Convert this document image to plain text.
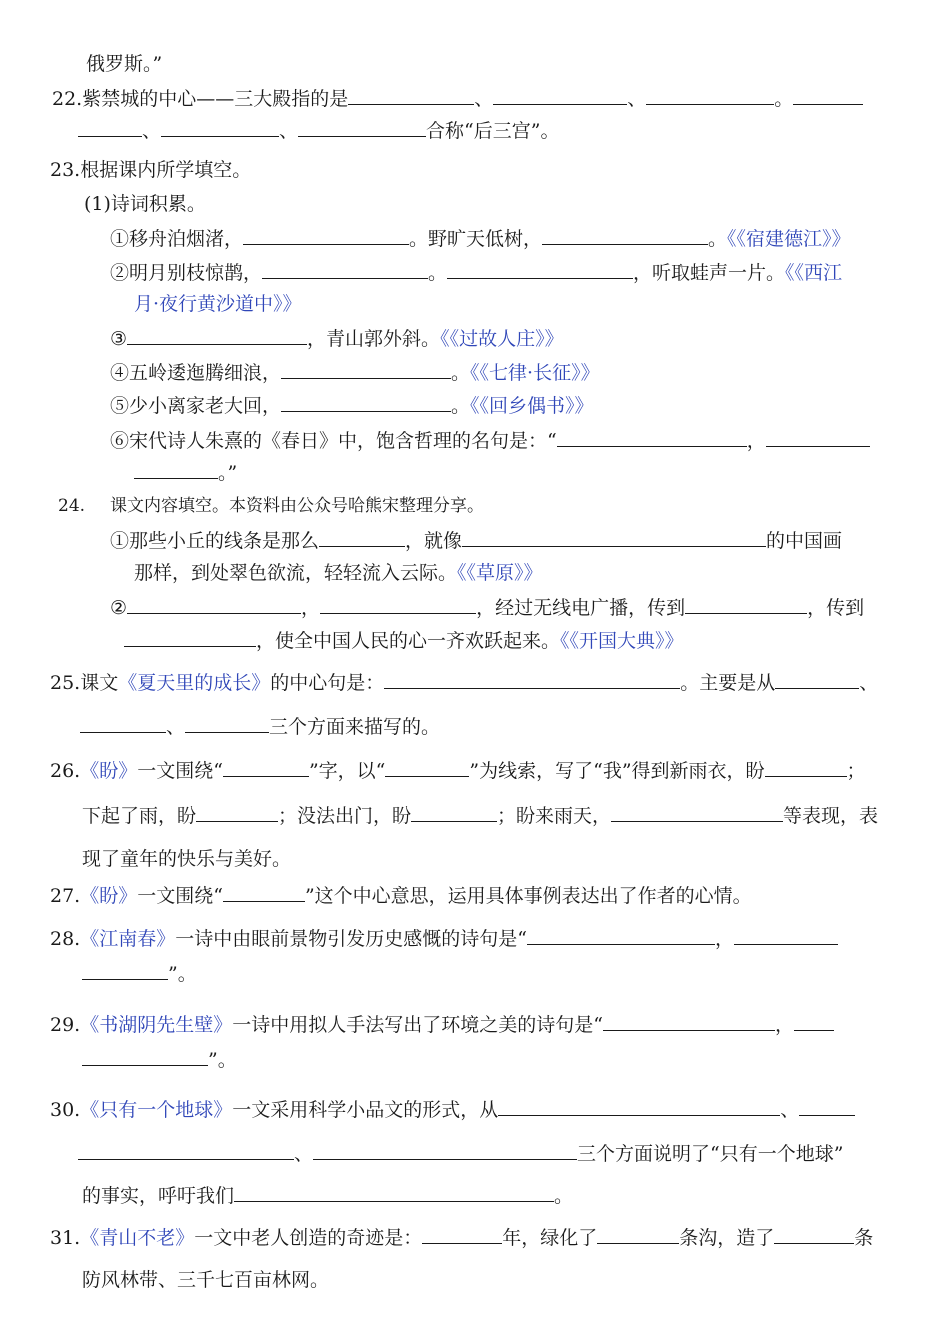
俄罗斯。”
22.紫禁城的中心——三大殿指的是	、	、	。
、	、	合称“后三宫”。
23.根据课内所学填空。
(1)诗词积累。
①移舟泊烟渚，	。野旷天低树，	。《《宿建德江》》
②明月别枝惊鹊，	。	，听取蛙声一片。《《西江
月·夜行黄沙道中》》
③	，青山郭外斜。《《过故人庄》》
④五岭逶迤腾细浪，	。《《七律·长征》》
⑤少小离家老大回，	。《《回乡偶书》》
⑥宋代诗人朱熹的《春日》中，饱含哲理的名句是：“	，
。”
24. 课文内容填空。本资料由公众号哈熊宋整理分享。
①那些小丘的线条是那么	，就像	的中国画
那样，到处翠色欲流，轻轻流入云际。《《草原》》
②	，	，经过无线电广播，传到	，传到
，使全中国人民的心一齐欢跃起来。《《开国大典》》
25.课文《夏天里的成长》的中心句是：	。主要是从	、
、	三个方面来描写的。
26.《盼》一文围绕“	”字，以“	”为线索，写了“我”得到新雨衣，盼	；
下起了雨，盼	；没法出门，盼	；盼来雨天，	等表现，表
现了童年的快乐与美好。
27.《盼》一文围绕“	”这个中心意思，运用具体事例表达出了作者的心情。
28.《江南春》一诗中由眼前景物引发历史感慨的诗句是“	，
”。
29.《书湖阴先生壁》一诗中用拟人手法写出了环境之美的诗句是“	，
”。
30.《只有一个地球》一文采用科学小品文的形式，从	、
、	三个方面说明了“只有一个地球”
的事实，呼吁我们	。
31.《青山不老》一文中老人创造的奇迹是：	年，绿化了	条沟，造了	条
防风林带、三千七百亩林网。
